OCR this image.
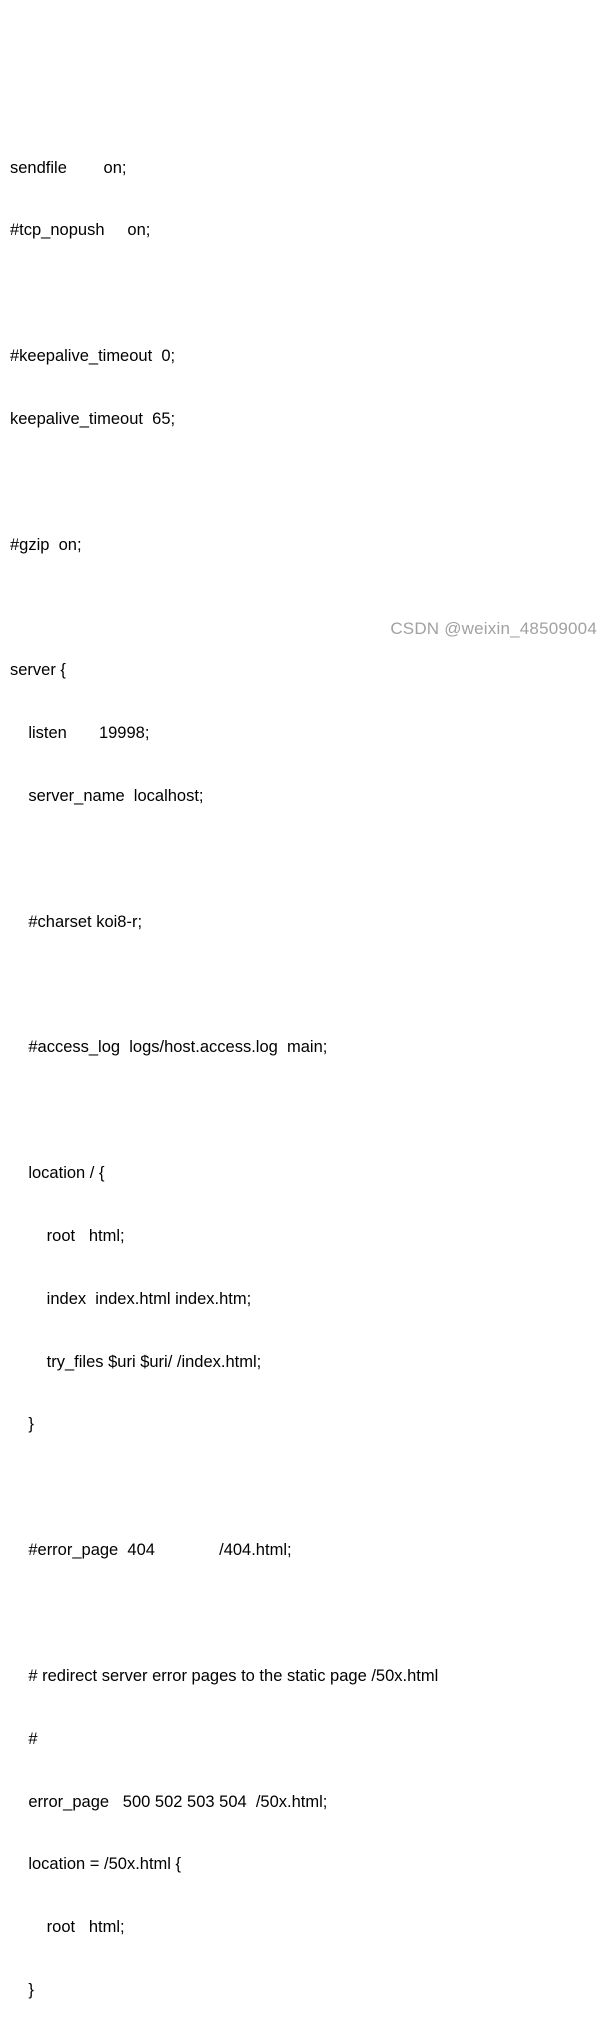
sendfile        on;

#tcp_nopush     on;

#keepalive_timeout  0;

keepalive_timeout  65;

#gzip  on;

server {

listen       19998;

server_name  localhost;

#charset koi8-r;

#access_log  logs/host.access.log  main;

location / {

root   html;

index  index.html index.htm;

try_files $uri $uri/ /index.html;

}

#error_page  404              /404.html;

# redirect server error pages to the static page /50x.html

#

error_page   500 502 503 504  /50x.html;

location = /50x.html {

root   html;

}

CSDN @weixin_48509004
